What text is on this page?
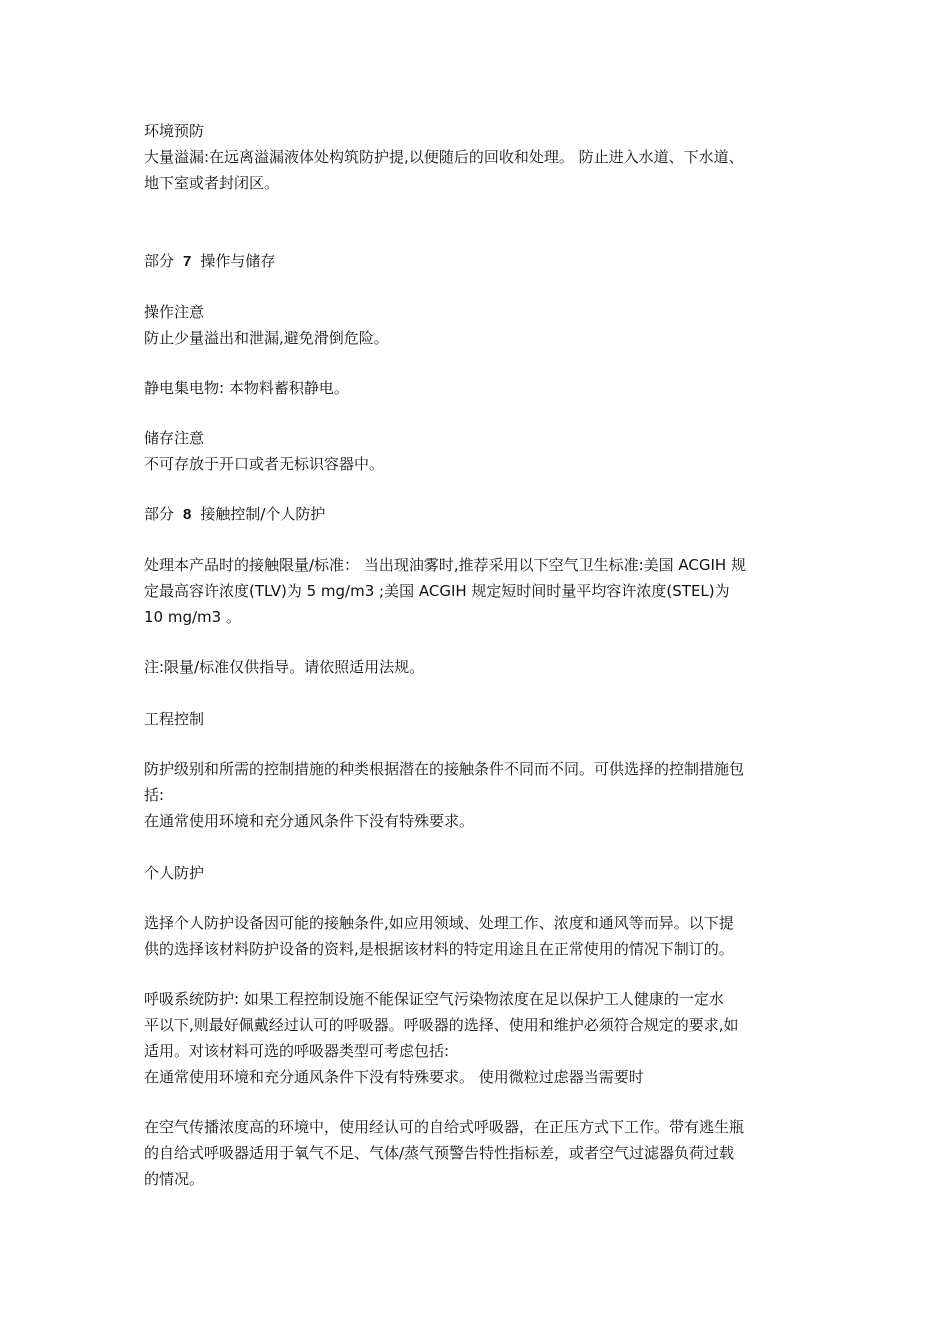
环境预防
大量溢漏:在远离溢漏液体处构筑防护提,以便随后的回收和处理。 防止进入水道、下水道、
地下室或者封闭区。
部分 7 操作与储存
操作注意
防止少量溢出和泄漏,避免滑倒危险。
静电集电物: 本物料蓄积静电。
储存注意
不可存放于开口或者无标识容器中。
部分 8 接触控制/个人防护
处理本产品时的接触限量/标准： 当出现油雾时,推荐采用以下空气卫生标准:美国 ACGIH 规
定最高容许浓度(TLV)为 5 mg/m3 ;美国 ACGIH 规定短时间时量平均容许浓度(STEL)为
10 mg/m3 。
注:限量/标准仅供指导。请依照适用法规。
工程控制
防护级别和所需的控制措施的种类根据潜在的接触条件不同而不同。可供选择的控制措施包
括:
在通常使用环境和充分通风条件下没有特殊要求。
个人防护
选择个人防护设备因可能的接触条件,如应用领域、处理工作、浓度和通风等而异。以下提
供的选择该材料防护设备的资料,是根据该材料的特定用途且在正常使用的情况下制订的。
呼吸系统防护: 如果工程控制设施不能保证空气污染物浓度在足以保护工人健康的一定水
平以下,则最好佩戴经过认可的呼吸器。呼吸器的选择、使用和维护必须符合规定的要求,如
适用。对该材料可选的呼吸器类型可考虑包括:
在通常使用环境和充分通风条件下没有特殊要求。 使用微粒过虑器当需要时
在空气传播浓度高的环境中，使用经认可的自给式呼吸器，在正压方式下工作。带有逃生瓶
的自给式呼吸器适用于氧气不足、气体/蒸气预警告特性指标差，或者空气过滤器负荷过载
的情况。
